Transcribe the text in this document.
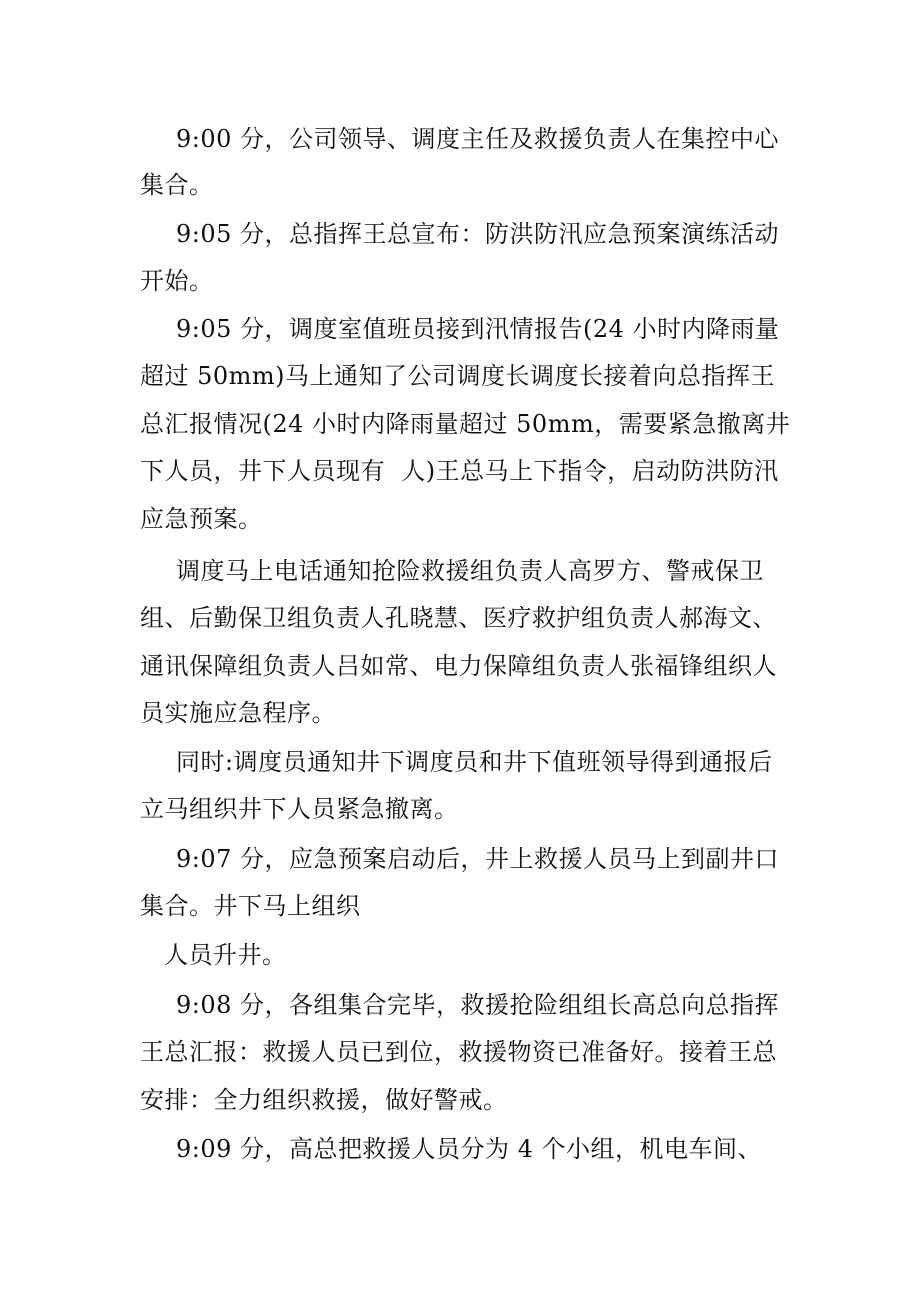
9:00 分，公司领导、调度主任及救援负责人在集控中心
集合。
9:05 分，总指挥王总宣布：防洪防汛应急预案演练活动
开始。
9:05 分，调度室值班员接到汛情报告(24 小时内降雨量
超过 50mm)马上通知了公司调度长调度长接着向总指挥王
总汇报情况(24 小时内降雨量超过 50mm，需要紧急撤离井
下人员，井下人员现有  人)王总马上下指令，启动防洪防汛
应急预案。
调度马上电话通知抢险救援组负责人高罗方、警戒保卫
组、后勤保卫组负责人孔晓慧、医疗救护组负责人郝海文、
通讯保障组负责人吕如常、电力保障组负责人张福锋组织人
员实施应急程序。
同时:调度员通知井下调度员和井下值班领导得到通报后
立马组织井下人员紧急撤离。
9:07 分，应急预案启动后，井上救援人员马上到副井口
集合。井下马上组织
人员升井。
9:08 分，各组集合完毕，救援抢险组组长高总向总指挥
王总汇报：救援人员已到位，救援物资已准备好。接着王总
安排：全力组织救援，做好警戒。
9:09 分，高总把救援人员分为 4 个小组，机电车间、
